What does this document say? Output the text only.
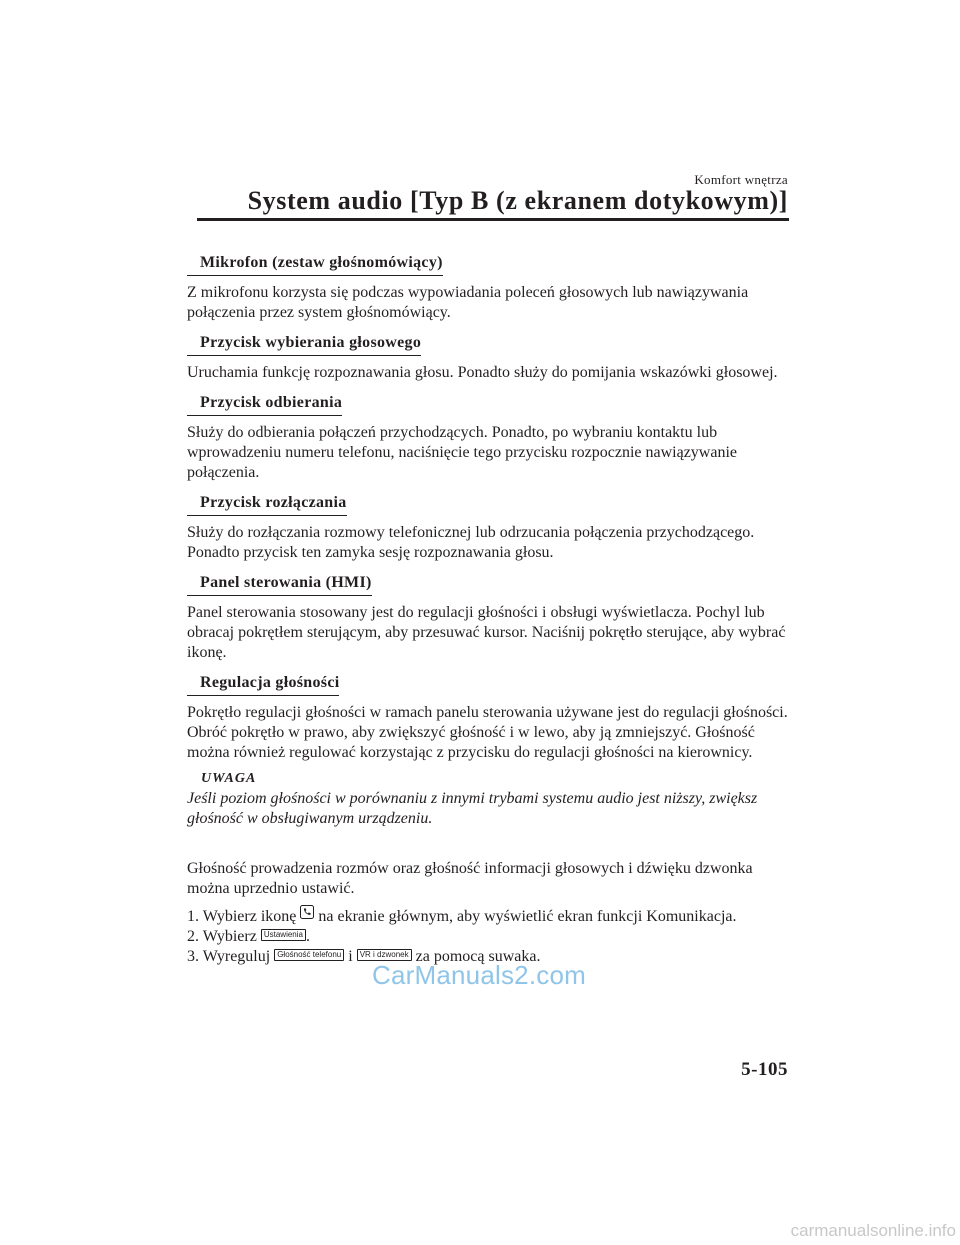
Komfort wnętrza
System audio [Typ B (z ekranem dotykowym)]
Mikrofon (zestaw głośnomówiący)

Z mikrofonu korzysta się podczas wypowiadania poleceń głosowych lub nawiązywania połączenia przez system głośnomówiący.

Przycisk wybierania głosowego

Uruchamia funkcję rozpoznawania głosu. Ponadto służy do pomijania wskazówki głosowej.

Przycisk odbierania

Służy do odbierania połączeń przychodzących. Ponadto, po wybraniu kontaktu lub wprowadzeniu numeru telefonu, naciśnięcie tego przycisku rozpocznie nawiązywanie połączenia.

Przycisk rozłączania

Służy do rozłączania rozmowy telefonicznej lub odrzucania połączenia przychodzącego. Ponadto przycisk ten zamyka sesję rozpoznawania głosu.

Panel sterowania (HMI)

Panel sterowania stosowany jest do regulacji głośności i obsługi wyświetlacza. Pochyl lub obracaj pokrętłem sterującym, aby przesuwać kursor. Naciśnij pokrętło sterujące, aby wybrać ikonę.

Regulacja głośności

Pokrętło regulacji głośności w ramach panelu sterowania używane jest do regulacji głośności. Obróć pokrętło w prawo, aby zwiększyć głośność i w lewo, aby ją zmniejszyć. Głośność można również regulować korzystając z przycisku do regulacji głośności na kierownicy.

UWAGA

Jeśli poziom głośności w porównaniu z innymi trybami systemu audio jest niższy, zwiększ głośność w obsługiwanym urządzeniu.

Głośność prowadzenia rozmów oraz głośność informacji głosowych i dźwięku dzwonka można uprzednio ustawić.

1. Wybierz ikonę na ekranie głównym, aby wyświetlić ekran funkcji Komunikacja.
2. Wybierz Ustawienia .
3. Wyreguluj Głośność telefonu i VR i dzwonek za pomocą suwaka.
CarManuals2.com
5-105
carmanualsonline.info
